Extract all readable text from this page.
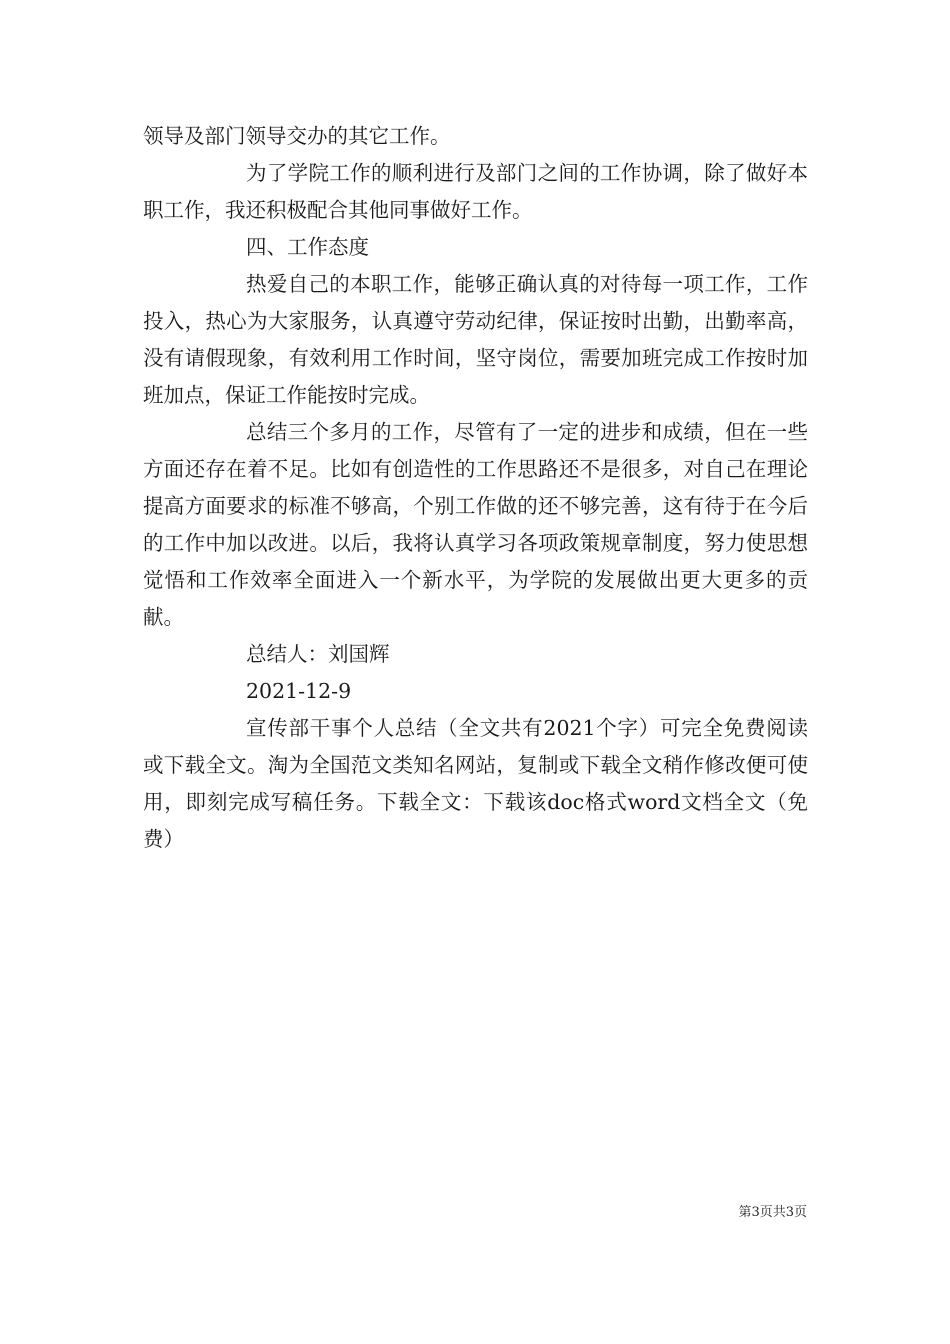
领导及部门领导交办的其它工作。

为了学院工作的顺利进行及部门之间的工作协调，除了做好本职工作，我还积极配合其他同事做好工作。

四、工作态度

热爱自己的本职工作，能够正确认真的对待每一项工作，工作投入，热心为大家服务，认真遵守劳动纪律，保证按时出勤，出勤率高，没有请假现象，有效利用工作时间，坚守岗位，需要加班完成工作按时加班加点，保证工作能按时完成。

总结三个多月的工作，尽管有了一定的进步和成绩，但在一些方面还存在着不足。比如有创造性的工作思路还不是很多，对自己在理论提高方面要求的标准不够高，个别工作做的还不够完善，这有待于在今后的工作中加以改进。以后，我将认真学习各项政策规章制度，努力使思想觉悟和工作效率全面进入一个新水平，为学院的发展做出更大更多的贡献。

总结人：刘国辉

2021-12-9

宣传部干事个人总结（全文共有2021个字）可完全免费阅读或下载全文。淘为全国范文类知名网站，复制或下载全文稍作修改便可使用，即刻完成写稿任务。下载全文：下载该doc格式word文档全文（免费）

第3页共3页
